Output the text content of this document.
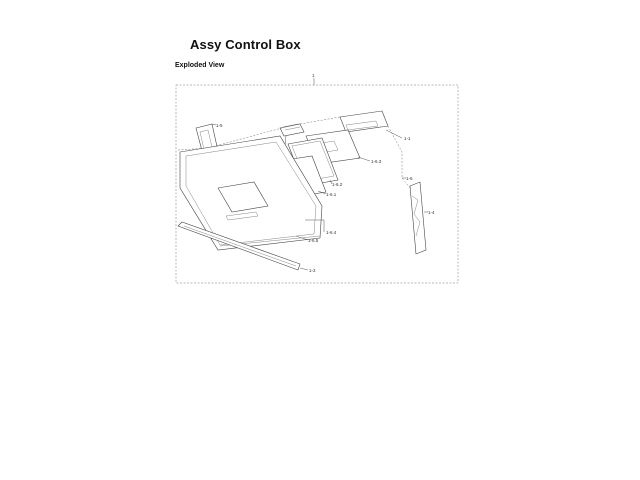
Assy Control Box
Exploded View
1
1-1
1-6.3
1-6.2
1-6.1
1-5
1-6
1-6.4
1-6.5
1-4
1-2
